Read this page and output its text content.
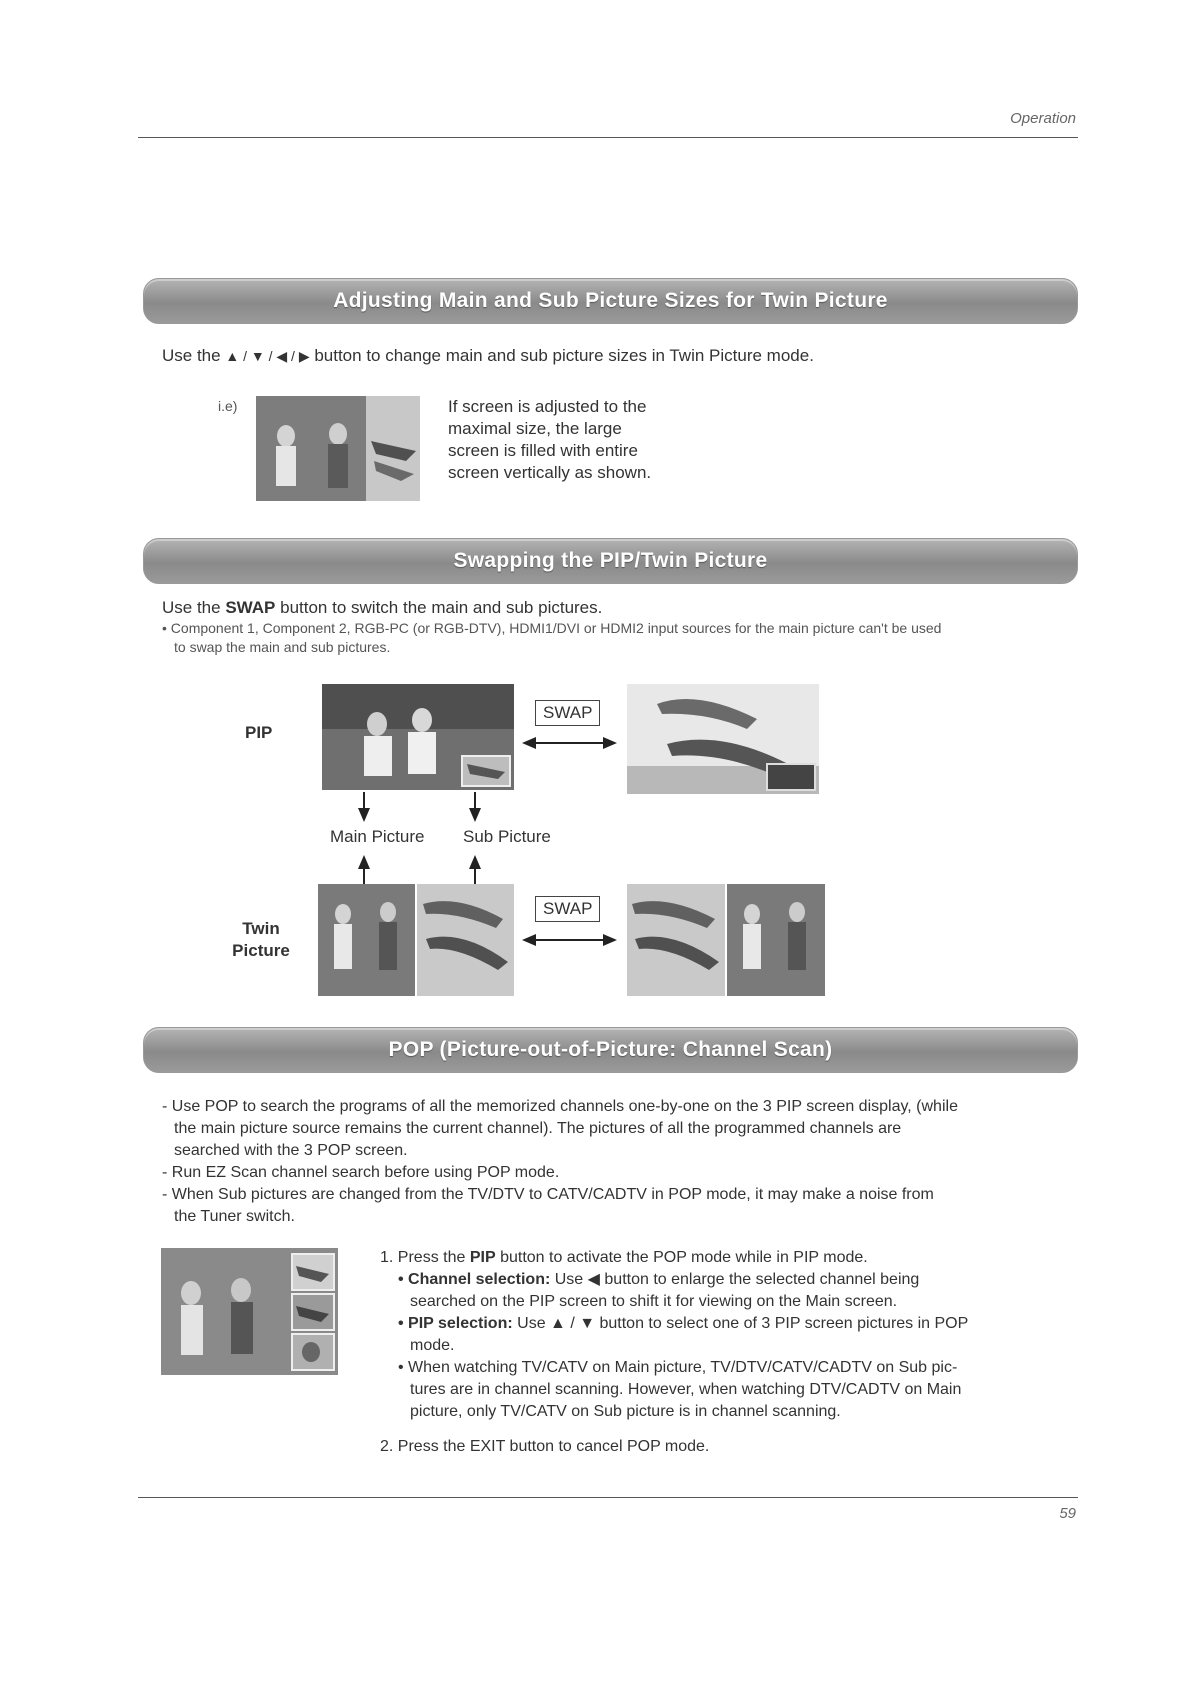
Operation
Adjusting Main and Sub Picture Sizes for Twin Picture
Use the ▲ / ▼ / ◀ / ▶ button to change main and sub picture sizes in Twin Picture mode.
i.e)	If screen is adjusted to the
maximal size, the large
screen is filled with entire
screen vertically as shown.
Swapping the PIP/Twin Picture
Use the SWAP button to switch the main and sub pictures.
• Component 1, Component 2, RGB-PC (or RGB-DTV), HDMI1/DVI or HDMI2 input sources for the main picture can't be used
to swap the main and sub pictures.
PIP
SWAP
Main Picture Sub Picture
Twin
Picture
SWAP
POP (Picture-out-of-Picture: Channel Scan)
- Use POP to search the programs of all the memorized channels one-by-one on the 3 PIP screen display, (while
the main picture source remains the current channel). The pictures of all the programmed channels are
searched with the 3 POP screen.
- Run EZ Scan channel search before using POP mode.
- When Sub pictures are changed from the TV/DTV to CATV/CADTV in POP mode, it may make a noise from
the Tuner switch.
1. Press the PIP button to activate the POP mode while in PIP mode.
• Channel selection: Use ◀ button to enlarge the selected channel being
searched on the PIP screen to shift it for viewing on the Main screen.
• PIP selection: Use ▲ / ▼ button to select one of 3 PIP screen pictures in POP
mode.
• When watching TV/CATV on Main picture, TV/DTV/CATV/CADTV on Sub pic-
tures are in channel scanning. However, when watching DTV/CADTV on Main
picture, only TV/CATV on Sub picture is in channel scanning.
2. Press the EXIT button to cancel POP mode.
59
